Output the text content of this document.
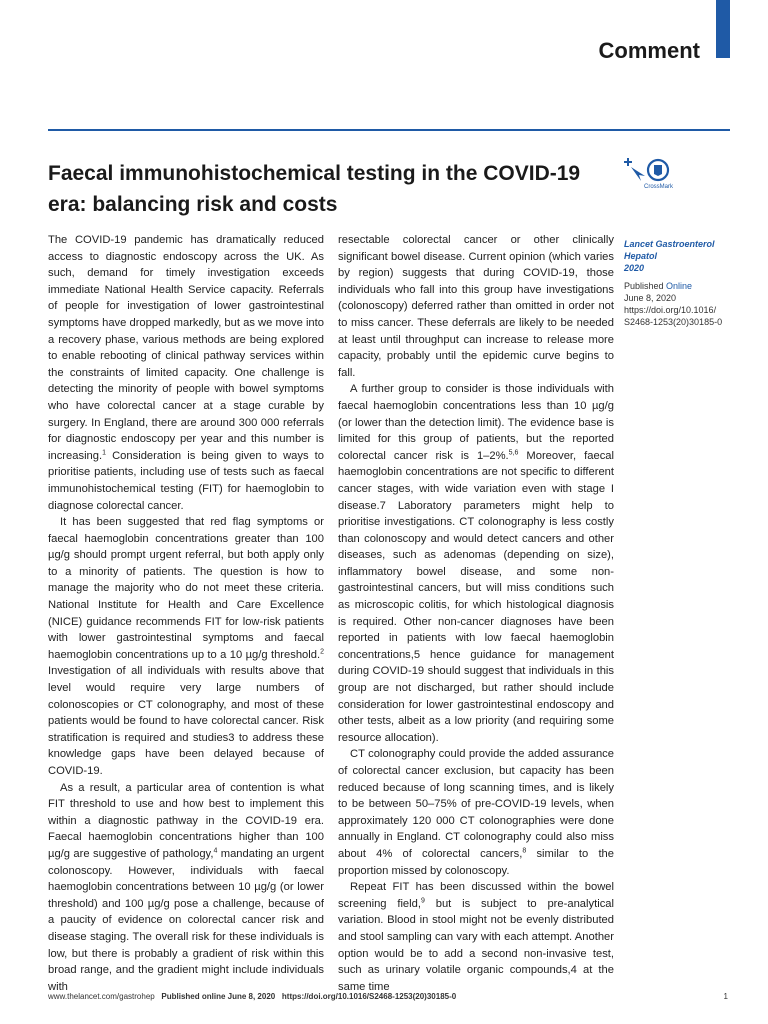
Comment
Faecal immunohistochemical testing in the COVID-19 era: balancing risk and costs
CrossMark
Lancet Gastroenterol Hepatol
2020
Published Online
June 8, 2020
https://doi.org/10.1016/
S2468-1253(20)30185-0

The COVID-19 pandemic has dramatically reduced access to diagnostic endoscopy across the UK. As such, demand for timely investigation exceeds immediate National Health Service capacity. Referrals of people for investigation of lower gastrointestinal symptoms have dropped markedly, but as we move into a recovery phase, various methods are being explored to enable rebooting of clinical pathway services within the constraints of limited capacity. One challenge is detecting the minority of people with bowel symptoms who have colorectal cancer at a stage curable by surgery. In England, there are around 300 000 referrals for diagnostic endoscopy per year and this number is increasing.$^1$ Consideration is being given to ways to prioritise patients, including use of tests such as faecal immunohistochemical testing (FIT) for haemoglobin to diagnose colorectal cancer.

It has been suggested that red flag symptoms or faecal haemoglobin concentrations greater than 100 µg/g should prompt urgent referral, but both apply only to a minority of patients. The question is how to manage the majority who do not meet these criteria. National Institute for Health and Care Excellence (NICE) guidance recommends FIT for low-risk patients with lower gastrointestinal symptoms and faecal haemoglobin concentrations up to a 10 µg/g threshold.$^2$ Investigation of all individuals with results above that level would require very large numbers of colonoscopies or CT colonography, and most of these patients would be found to have colorectal cancer. Risk stratification is required and studies3 to address these knowledge gaps have been delayed because of COVID-19.

As a result, a particular area of contention is what FIT threshold to use and how best to implement this within a diagnostic pathway in the COVID-19 era. Faecal haemoglobin concentrations higher than 100 µg/g are suggestive of pathology,$^4$ mandating an urgent colonoscopy. However, individuals with faecal haemoglobin concentrations between 10 µg/g (or lower threshold) and 100 µg/g pose a challenge, because of a paucity of evidence on colorectal cancer risk and disease staging. The overall risk for these individuals is low, but there is probably a gradient of risk within this broad range, and the gradient might include individuals with

resectable colorectal cancer or other clinically significant bowel disease. Current opinion (which varies by region) suggests that during COVID-19, those individuals who fall into this group have investigations (colonoscopy) deferred rather than omitted in order not to miss cancer. These deferrals are likely to be needed at least until throughput can increase to release more capacity, probably until the epidemic curve begins to fall.

A further group to consider is those individuals with faecal haemoglobin concentrations less than 10 µg/g (or lower than the detection limit). The evidence base is limited for this group of patients, but the reported colorectal cancer risk is 1–2%.$^{5,6}$ Moreover, faecal haemoglobin concentrations are not specific to different cancer stages, with wide variation even with stage I disease.7 Laboratory parameters might help to prioritise investigations. CT colonography is less costly than colonoscopy and would detect cancers and other diseases, such as adenomas (depending on size), inflammatory bowel disease, and some non-gastrointestinal cancers, but will miss conditions such as microscopic colitis, for which histological diagnosis is required. Other non-cancer diagnoses have been reported in patients with low faecal haemoglobin concentrations,5 hence guidance for management during COVID-19 should suggest that individuals in this group are not discharged, but rather should include consideration for lower gastrointestinal endoscopy and other tests, albeit as a low priority (and requiring some resource allocation).

CT colonography could provide the added assurance of colorectal cancer exclusion, but capacity has been reduced because of long scanning times, and is likely to be between 50–75% of pre-COVID-19 levels, when approximately 120 000 CT colonographies were done annually in England. CT colonography could also miss about 4% of colorectal cancers,$^8$ similar to the proportion missed by colonoscopy.

Repeat FIT has been discussed within the bowel screening field,$^9$ but is subject to pre-analytical variation. Blood in stool might not be evenly distributed and stool sampling can vary with each attempt. Another option would be to add a second non-invasive test, such as urinary volatile organic compounds,4 at the same time

www.thelancet.com/gastrohep Published online June 8, 2020 https://doi.org/10.1016/S2468-1253(20)30185-0	1
